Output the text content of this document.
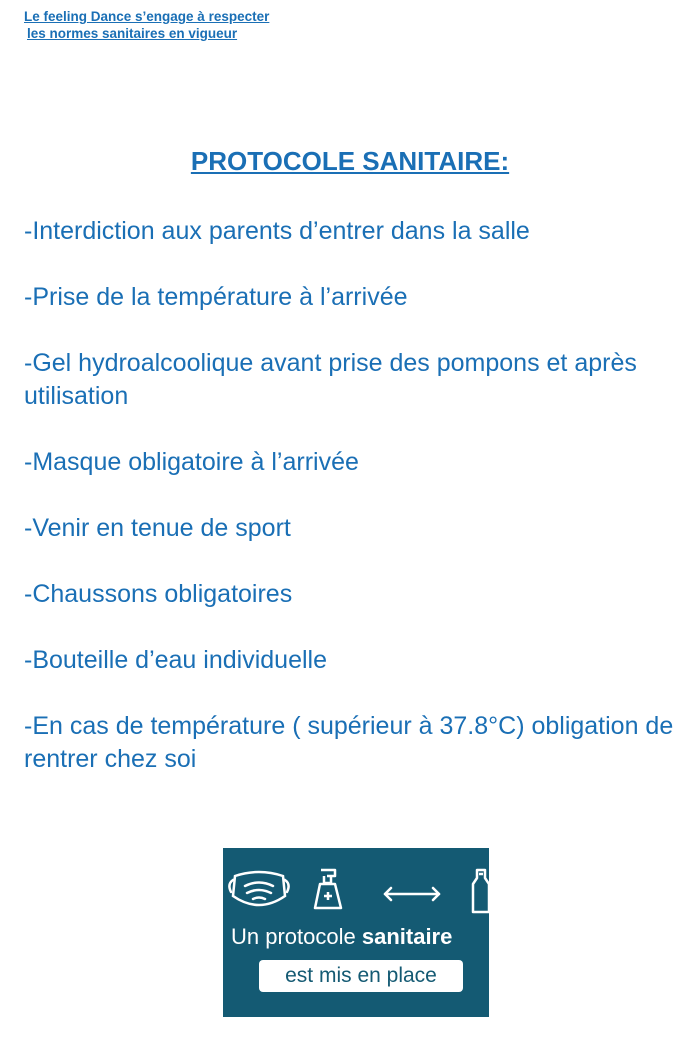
Le feeling Dance s’engage à respecter
les normes sanitaires en vigueur
PROTOCOLE SANITAIRE:
-Interdiction aux parents d’entrer dans la salle
-Prise de la température à l’arrivée
-Gel hydroalcoolique avant prise des pompons et après utilisation
-Masque obligatoire à l’arrivée
-Venir en tenue de sport
-Chaussons obligatoires
-Bouteille d’eau individuelle
-En cas de température ( supérieur à 37.8°C) obligation de rentrer chez soi
Un protocole sanitaire
est mis en place
